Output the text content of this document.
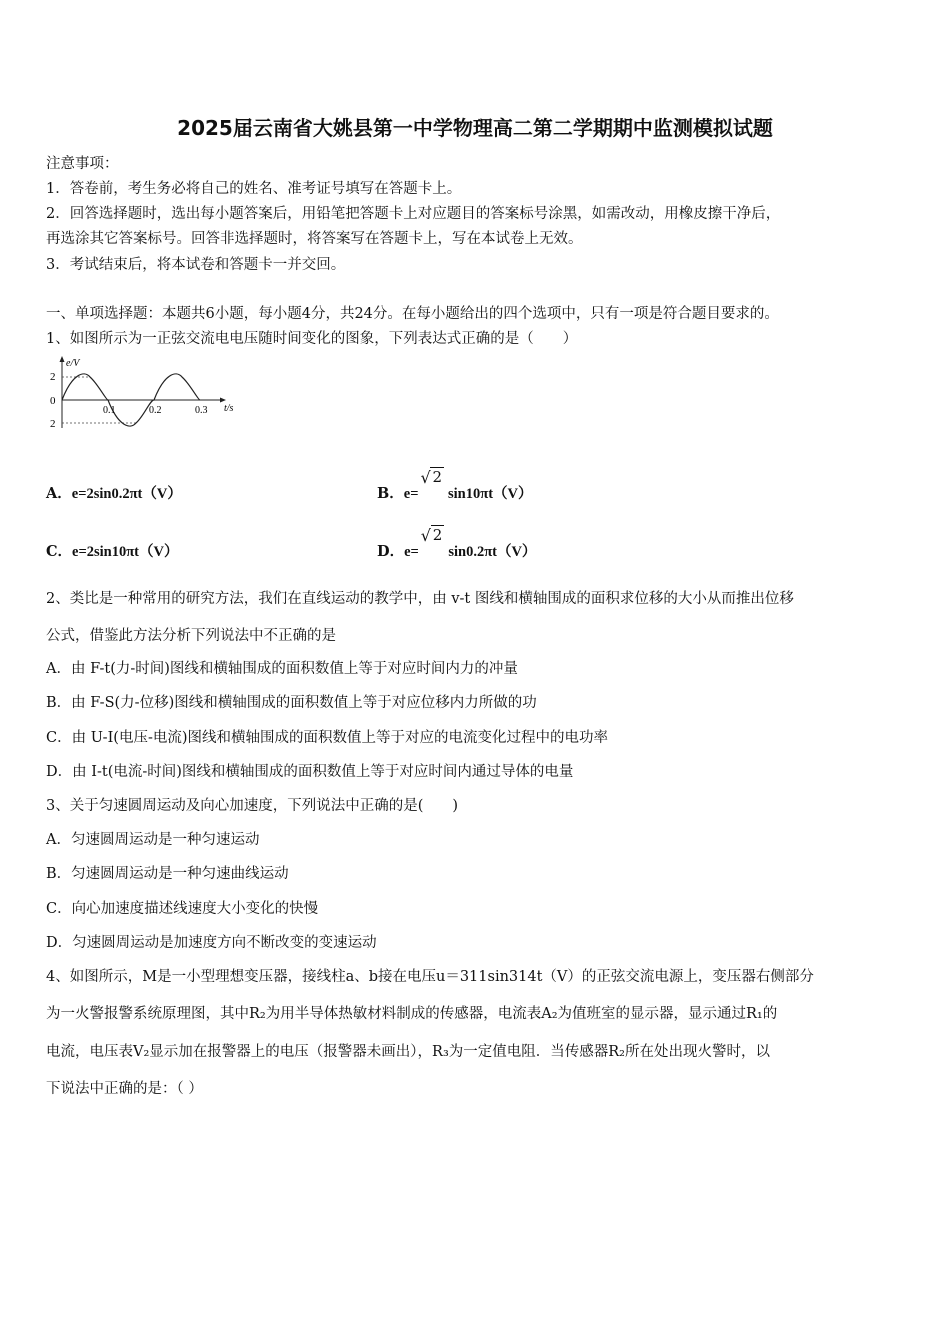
2025届云南省大姚县第一中学物理高二第二学期期中监测模拟试题
注意事项：
1．答卷前，考生务必将自己的姓名、准考证号填写在答题卡上。
2．回答选择题时，选出每小题答案后，用铅笔把答题卡上对应题目的答案标号涂黑，如需改动，用橡皮擦干净后，
再选涂其它答案标号。回答非选择题时，将答案写在答题卡上，写在本试卷上无效。
3．考试结束后，将本试卷和答题卡一并交回。
一、单项选择题：本题共6小题，每小题4分，共24分。在每小题给出的四个选项中，只有一项是符合题目要求的。
1、如图所示为一正弦交流电电压随时间变化的图象，下列表达式正确的是（　　）
e/V
2
0
2
0.1	0.2	0.3 t/s
A．e=2sin0.2πt（V）	B．e=
√ 2sin10πt（V）
C．e=2sin10πt（V）	D．e=
√ 2sin0.2πt（V）
2、类比是一种常用的研究方法，我们在直线运动的教学中，由 v-t 图线和横轴围成的面积求位移的大小从而推出位移
公式，借鉴此方法分析下列说法中不正确的是
A．由 F-t(力-时间)图线和横轴围成的面积数值上等于对应时间内力的冲量
B．由 F-S(力-位移)图线和横轴围成的面积数值上等于对应位移内力所做的功
C．由 U-I(电压-电流)图线和横轴围成的面积数值上等于对应的电流变化过程中的电功率
D．由 I-t(电流-时间)图线和横轴围成的面积数值上等于对应时间内通过导体的电量
3、关于匀速圆周运动及向心加速度，下列说法中正确的是(　　)
A．匀速圆周运动是一种匀速运动
B．匀速圆周运动是一种匀速曲线运动
C．向心加速度描述线速度大小变化的快慢
D．匀速圆周运动是加速度方向不断改变的变速运动
4、如图所示，M是一小型理想变压器，接线柱a、b接在电压u＝311sin314t（V）的正弦交流电源上，变压器右侧部分
为一火警报警系统原理图，其中R₂为用半导体热敏材料制成的传感器，电流表A₂为值班室的显示器，显示通过R₁的
电流，电压表V₂显示加在报警器上的电压（报警器未画出），R₃为一定值电阻．当传感器R₂所在处出现火警时，以
下说法中正确的是：（ ）
